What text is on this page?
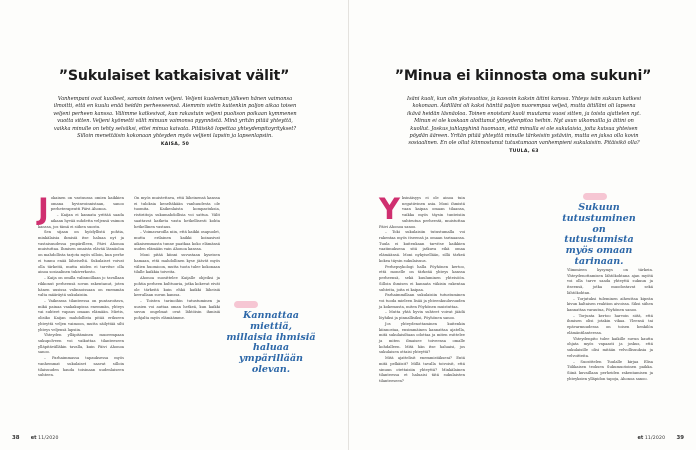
”Sukulaiset katkaisivat välit”
Vanhempani ovat kuolleet, samoin toinen veljeni. Veljeni kuoleman jälkeen hänen vaimonsa ilmoitti, että en kuulu enää heidän perheeseensä. Aiemmin vietin kuitenkin paljon aikaa toisen veljeni perheen kanssa. Välimme katkesivat, kun rakastuin veljeni puolison poikaan kymmenen vuotta sitten. Veljeni kyömetti välit minuun vaimonsa pyynnöstä. Minä yritän pitää yhteyttä, vaikka minulle on tehty selväksi, ettei minua kaivata. Pitäisikö lopettaa yhteydenpitoyritykset? Silloin menettäisin kokonaan yhteyden myös veljieni lapsiin ja lapsenlapsiin.
KAISA, 50
J okainen on vastuussa omien kaikkien omana hyvinvoinnistaan, sanoo perheterapeutti Päivi Ahonoa.

– Kaijan ei kannata yrittää saada aikaan hyvää suhdetta veljensä vaimon kanssa, jos tämä ei siihen suostu.

Sen sijaan on hyödyllistä pohtia, minkälaisia ihmisiä itse haluaa nyt ja vastaisuudessa ympärilleen, Päivi Ahonoa muistuttaa. Ihmisen omaista elävää läsnäoloa on mahdollista tarjota myös silloin, kun perhe ei tunnu enää läheiseltä. Sukulaiset voivat olla tärkeitä, mutta niiden ei tarvitse olla ainoa sosiaalinen tukiverkosto.

– Kaija on omilla valinnoillaan jo tavallaan rikkonut perheensä sovun rakentanut, joten hänen uusissa valinnoissaan on enemmän valta määräytä sukulaisiin.

– Vaikeassa tilanteessa on puntaroitava, mikä painaa vaakakupissa enemmän, yhteys vai suhteet vapaus omaan elämään. Mietis, olisiko Kaijan mahdollista pitää erikseen yhteyttä veljen vaimoon, mutta säilyttää silti yhteys veljensä lapsiin.

Yhteyden ylläpitäminen muorempaan sukupolveen voi vaikuttaa tilanteeseen ylläpitävälläkin tavalla, kuin Päivi Ahonoa sanoo.

– Parhaimmassa tapauksessa myös vanhemmat sukulaiset saavat silloin tilaisuuden hauda toisinaan uudenlaiseen suhteen.

On myös muistettava, että läheinensä kanssa ei tuloksia keneltäkään vanhuudesta ole tuomita. Kaikenlaista kompastuksia, ristiriitoja sukumahdollisia voi sattua. Välit saattavat katketa vasta hetkellisesti kohta hetkellinen vastaus.

– Voimavaroilla niin, että kaikki osapuolet, mutta erilainen kaikki koinasivat aikaisemmasta tunne paatkaa koko elämänsä uuden elämään vain Ahonoa kanssa.

Moni pitää kiinni suvustaan kyseisen hamaan, että mahdollinen kyse jäävät myös välien huomioon, mutta tuota tulee kokonaan tilalle kaikkia toiveita.

Ahonoa suosittelee Kaijalle ohjeiksi ja pohtia perheen kulttuuria, jotka kokevat eivät ole tärkeitä kuin ehkä kaikki läheisiä kerrallaan suvun kanssa.

– Toisten tarinoihin tutustuminen ja uusien voi auttaa oman hetkeä, kun kaikki suvun ongelmat ovat lähtöisin ihmisiä pohjalta myös elämäämme.	Kannattaa miettiä, millaisia ihmisiä haluaa ympärillään olevan.
38 et 11/2020
”Minua ei kiinnosta oma sukuni”
Isäni kuoli, kun olin yksivuotias, ja kasvoin kaksin äitini kanssa. Yhteys isän sukuun katkesi kokonaan. Äidilläni oli kaksi hänttä paljon nuorempaa veljeä, mutta äitilläni oli lapsena ikävä heidän läsnäoloa. Toinen enoistani kuoli muutama vuosi sitten, ja toista ajattelen nyt. Minun ei ole koskaan aloittanut yhteydenpitoa heihin. Nyt asun ulkomailla ja äitini on kuollut. Joskus juhlapyhinä huomaan, että minulla ei ole sukulaisia, joita kutsua yhteisen pöydän ääreen. Yritän pitää yhteyttä minulle tärkeisiin ystäviin, mutta en jaksa olla kovin sosiaalinen. En ole ollut kiinnostunut tutustumaan vanhempieni sukulaisiin. Pitäisikö olla?
TUULA, 63
Y ksinäisyys ei ole ainoa tuin negatiivinen asia. Moni ihmistä vaan kaipaa omaan tilaansa, vaikka myös täysin tunteisiin suhteutua perheestä, muistuttaa Päivi Ahonoa sanoo.

– Toki sukulaisiin tutustumalla voi rakentaa myös itseensä ja omaan tarinaansa. Tuula ei kuitenkaan tarvitse kaikkien vaatimuksena sitä jatkuva eikä omaa elämäänsä. Moni nykyisellään, sillä tärkeä kokea täysin sukulaisuus.

Perhepsykologi halla Pöyhönen kertoo, että monelle on tärkeää yhteys kanssa perheensä, sekä kuuluminen yhteisöön. Silloin ihmisen ei kannata väkisin rakentaa suhteita, joita ei kaipaa.

Parhaimmillaan sukulaisiin tutustuminen voi tuoda mieleen lisää ja yhteenkuuluvuuden ja kokemusta, miten Pöyhönen muistuttaa.

– Mutta yhtä hyvin suhteet voivat jäädä löyhiksi ja pinnallisiksi, Pöyhönen sanoo.

Jos yhteydenottaminen kuitenkin kiinnostaa, ensimmäinen kannattaa ajatella, mitä sukulaisiltaan odottaa ja miten esittelee ja miten ilmaisee toiveensa omalle kohdalleen. Mitä hän itse haluaisi, jos sukulaisen ottaisi yhteyttä?

Mitä ajattelisit enemmistäkseni? Entä mitä pelkäisit? Millä tavalla toivoisit, että sinuun otettaisiin yhteyttä? Minkälainen tilanteessa et haluaisi tätä sukulaisten tilanteeseen?

Sukuun tutustuminen on tutustumista myös omaan tarinaan.

Ylimmieen kysymys on tärkein. Yhteydenottamisen lähtökohtana ajan myötä voi olla tarve saada yhteyttä sukuun ja itseensä, jotka muodostavat sekä lähtökohtan.

– Torjutuksi tuleminen aiheuttaa kipeän kivun kaltaisen reaktion aivoissa. Siksi siihen kannattaa varautua, Pöyhönen sanoo.

– Torjunta kertoo harvoin siitä, että ihmisen olisi jotakin vikaa. Yleensä tai epävarmuudessa on toisen henkilön elämäntilanteessa.

Yhteydenpito tulee kaikille suvun kautta ohjata myös vapaasti ja joskus, että sukulaisille olisi mitään velvollisuuksia ja velvoitteita.

– Suosittelen Tuulalle kirjaa Elisa Tiilikaisen teoksen Sukumuotoinen paikka. Siinä kuvaillaan perheiden rakentamisen ja yhteyksien ylläpidon tapoja, Ahonoa sanoo.

et 11/2020 39
